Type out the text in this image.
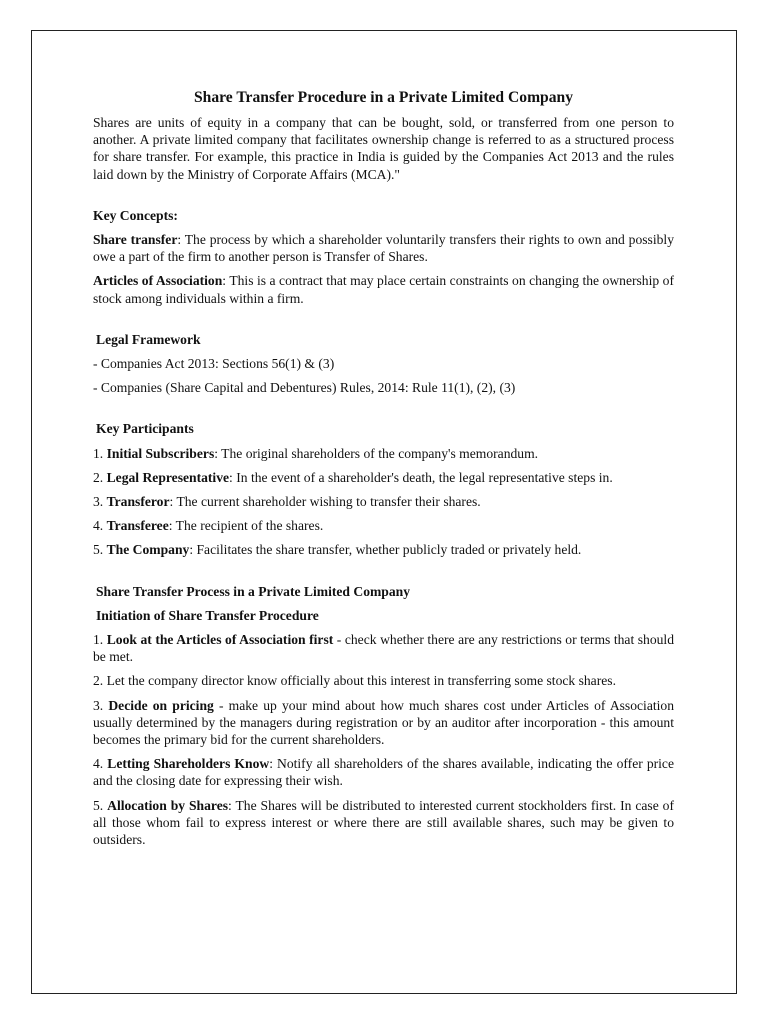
Share Transfer Procedure in a Private Limited Company

Shares are units of equity in a company that can be bought, sold, or transferred from one person to another. A private limited company that facilitates ownership change is referred to as a structured process for share transfer. For example, this practice in India is guided by the Companies Act 2013 and the rules laid down by the Ministry of Corporate Affairs (MCA)."

Key Concepts:

Share transfer: The process by which a shareholder voluntarily transfers their rights to own and possibly owe a part of the firm to another person is Transfer of Shares.

Articles of Association: This is a contract that may place certain constraints on changing the ownership of stock among individuals within a firm.

Legal Framework
- Companies Act 2013: Sections 56(1) & (3)
- Companies (Share Capital and Debentures) Rules, 2014: Rule 11(1), (2), (3)
Key Participants

1. Initial Subscribers: The original shareholders of the company's memorandum.

2. Legal Representative: In the event of a shareholder's death, the legal representative steps in.

3. Transferor: The current shareholder wishing to transfer their shares.

4. Transferee: The recipient of the shares.

5. The Company: Facilitates the share transfer, whether publicly traded or privately held.

Share Transfer Process in a Private Limited Company
Initiation of Share Transfer Procedure

1. Look at the Articles of Association first - check whether there are any restrictions or terms that should be met.

2. Let the company director know officially about this interest in transferring some stock shares.

3. Decide on pricing - make up your mind about how much shares cost under Articles of Association usually determined by the managers during registration or by an auditor after incorporation - this amount becomes the primary bid for the current shareholders.

4. Letting Shareholders Know: Notify all shareholders of the shares available, indicating the offer price and the closing date for expressing their wish.

5. Allocation by Shares: The Shares will be distributed to interested current stockholders first. In case of all those whom fail to express interest or where there are still available shares, such may be given to outsiders.
